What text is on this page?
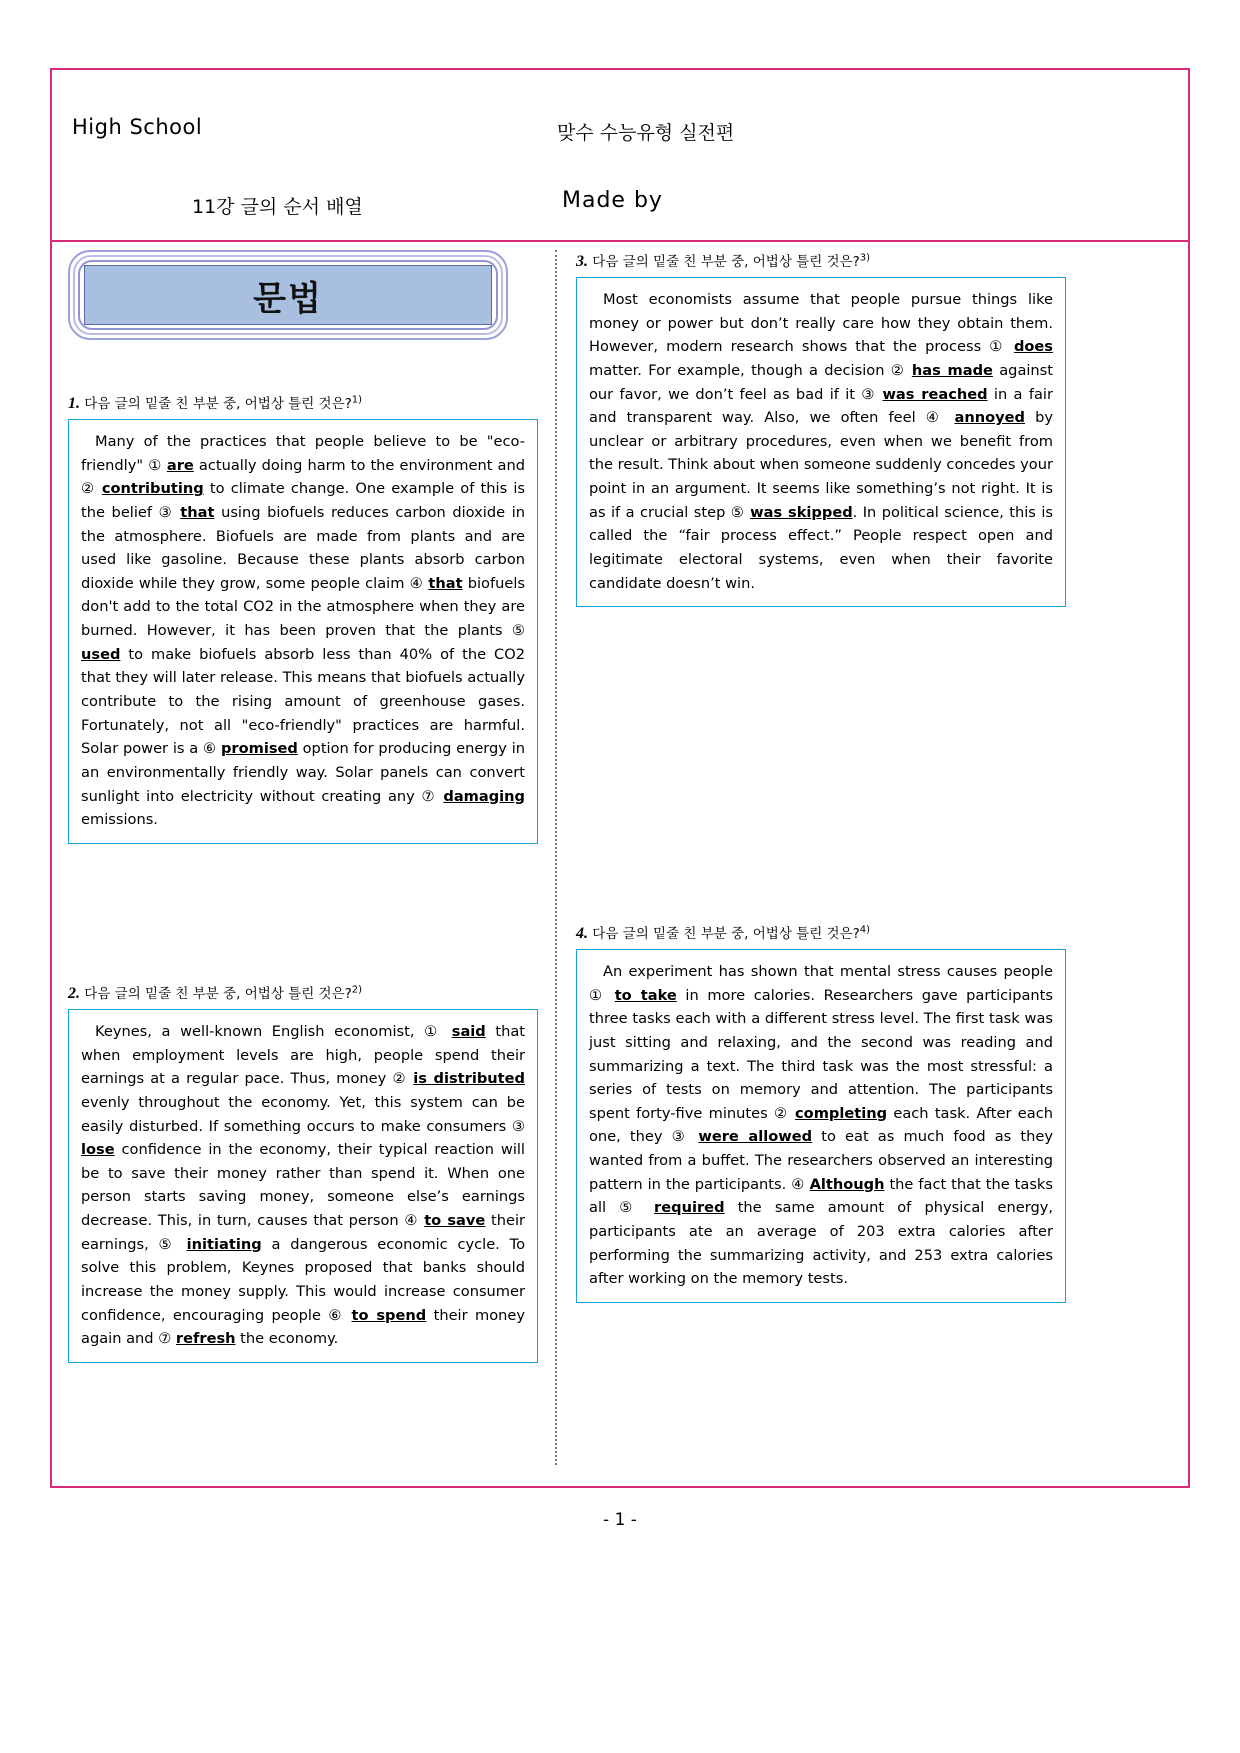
High School	맞수 수능유형 실전편
11강 글의 순서 배열	Made by
문법
1. 다음 글의 밑줄 친 부분 중, 어법상 틀린 것은?$^{1)}$

Many of the practices that people believe to be "eco-friendly" ① are actually doing harm to the environment and ② contributing to climate change. One example of this is the belief ③ that using biofuels reduces carbon dioxide in the atmosphere. Biofuels are made from plants and are used like gasoline. Because these plants absorb carbon dioxide while they grow, some people claim ④ that biofuels don't add to the total CO2 in the atmosphere when they are burned. However, it has been proven that the plants ⑤ used to make biofuels absorb less than 40% of the CO2 that they will later release. This means that biofuels actually contribute to the rising amount of greenhouse gases. Fortunately, not all "eco-friendly" practices are harmful. Solar power is a ⑥ promised option for producing energy in an environmentally friendly way. Solar panels can convert sunlight into electricity without creating any ⑦ damaging emissions.

2. 다음 글의 밑줄 친 부분 중, 어법상 틀린 것은?$^{2)}$

Keynes, a well-known English economist, ① said that when employment levels are high, people spend their earnings at a regular pace. Thus, money ② is distributed evenly throughout the economy. Yet, this system can be easily disturbed. If something occurs to make consumers ③ lose confidence in the economy, their typical reaction will be to save their money rather than spend it. When one person starts saving money, someone else’s earnings decrease. This, in turn, causes that person ④ to save their earnings, ⑤ initiating a dangerous economic cycle. To solve this problem, Keynes proposed that banks should increase the money supply. This would increase consumer confidence, encouraging people ⑥ to spend their money again and ⑦ refresh the economy.

3. 다음 글의 밑줄 친 부분 중, 어법상 틀린 것은?$^{3)}$

Most economists assume that people pursue things like money or power but don’t really care how they obtain them. However, modern research shows that the process ① does matter. For example, though a decision ② has made against our favor, we don’t feel as bad if it ③ was reached in a fair and transparent way. Also, we often feel ④ annoyed by unclear or arbitrary procedures, even when we benefit from the result. Think about when someone suddenly concedes your point in an argument. It seems like something’s not right. It is as if a crucial step ⑤ was skipped. In political science, this is called the “fair process effect.” People respect open and legitimate electoral systems, even when their favorite candidate doesn’t win.

4. 다음 글의 밑줄 친 부분 중, 어법상 틀린 것은?$^{4)}$

An experiment has shown that mental stress causes people ① to take in more calories. Researchers gave participants three tasks each with a different stress level. The first task was just sitting and relaxing, and the second was reading and summarizing a text. The third task was the most stressful: a series of tests on memory and attention. The participants spent forty-five minutes ② completing each task. After each one, they ③ were allowed to eat as much food as they wanted from a buffet. The researchers observed an interesting pattern in the participants. ④ Although the fact that the tasks all ⑤ required the same amount of physical energy, participants ate an average of 203 extra calories after performing the summarizing activity, and 253 extra calories after working on the memory tests.

- 1 -
